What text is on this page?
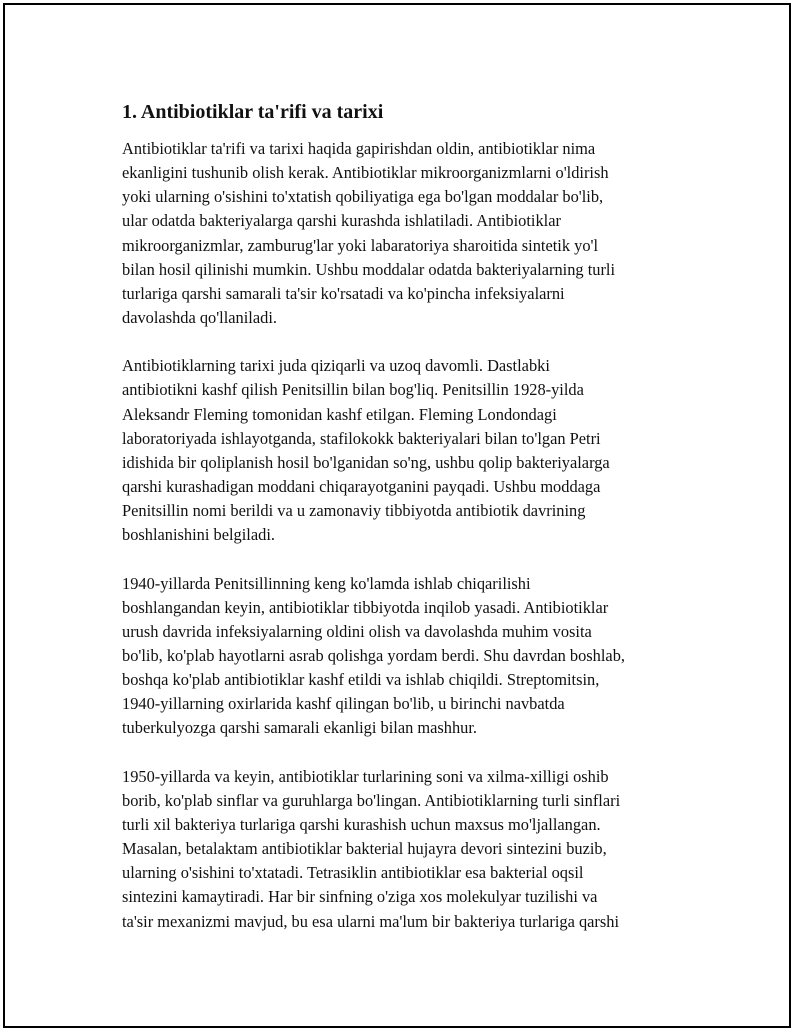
1. Antibiotiklar ta'rifi va tarixi

Antibiotiklar ta'rifi va tarixi haqida gapirishdan oldin, antibiotiklar nima
ekanligini tushunib olish kerak. Antibiotiklar mikroorganizmlarni o'ldirish
yoki ularning o'sishini to'xtatish qobiliyatiga ega bo'lgan moddalar bo'lib,
ular odatda bakteriyalarga qarshi kurashda ishlatiladi. Antibiotiklar
mikroorganizmlar, zamburug'lar yoki labaratoriya sharoitida sintetik yo'l
bilan hosil qilinishi mumkin. Ushbu moddalar odatda bakteriyalarning turli
turlariga qarshi samarali ta'sir ko'rsatadi va ko'pincha infeksiyalarni
davolashda qo'llaniladi.

Antibiotiklarning tarixi juda qiziqarli va uzoq davomli. Dastlabki
antibiotikni kashf qilish Penitsillin bilan bog'liq. Penitsillin 1928-yilda
Aleksandr Fleming tomonidan kashf etilgan. Fleming Londondagi
laboratoriyada ishlayotganda, stafilokokk bakteriyalari bilan to'lgan Petri
idishida bir qoliplanish hosil bo'lganidan so'ng, ushbu qolip bakteriyalarga
qarshi kurashadigan moddani chiqarayotganini payqadi. Ushbu moddaga
Penitsillin nomi berildi va u zamonaviy tibbiyotda antibiotik davrining
boshlanishini belgiladi.

1940-yillarda Penitsillinning keng ko'lamda ishlab chiqarilishi
boshlangandan keyin, antibiotiklar tibbiyotda inqilob yasadi. Antibiotiklar
urush davrida infeksiyalarning oldini olish va davolashda muhim vosita
bo'lib, ko'plab hayotlarni asrab qolishga yordam berdi. Shu davrdan boshlab,
boshqa ko'plab antibiotiklar kashf etildi va ishlab chiqildi. Streptomitsin,
1940-yillarning oxirlarida kashf qilingan bo'lib, u birinchi navbatda
tuberkulyozga qarshi samarali ekanligi bilan mashhur.

1950-yillarda va keyin, antibiotiklar turlarining soni va xilma-xilligi oshib
borib, ko'plab sinflar va guruhlarga bo'lingan. Antibiotiklarning turli sinflari
turli xil bakteriya turlariga qarshi kurashish uchun maxsus mo'ljallangan.
Masalan, betalaktam antibiotiklar bakterial hujayra devori sintezini buzib,
ularning o'sishini to'xtatadi. Tetrasiklin antibiotiklar esa bakterial oqsil
sintezini kamaytiradi. Har bir sinfning o'ziga xos molekulyar tuzilishi va
ta'sir mexanizmi mavjud, bu esa ularni ma'lum bir bakteriya turlariga qarshi
